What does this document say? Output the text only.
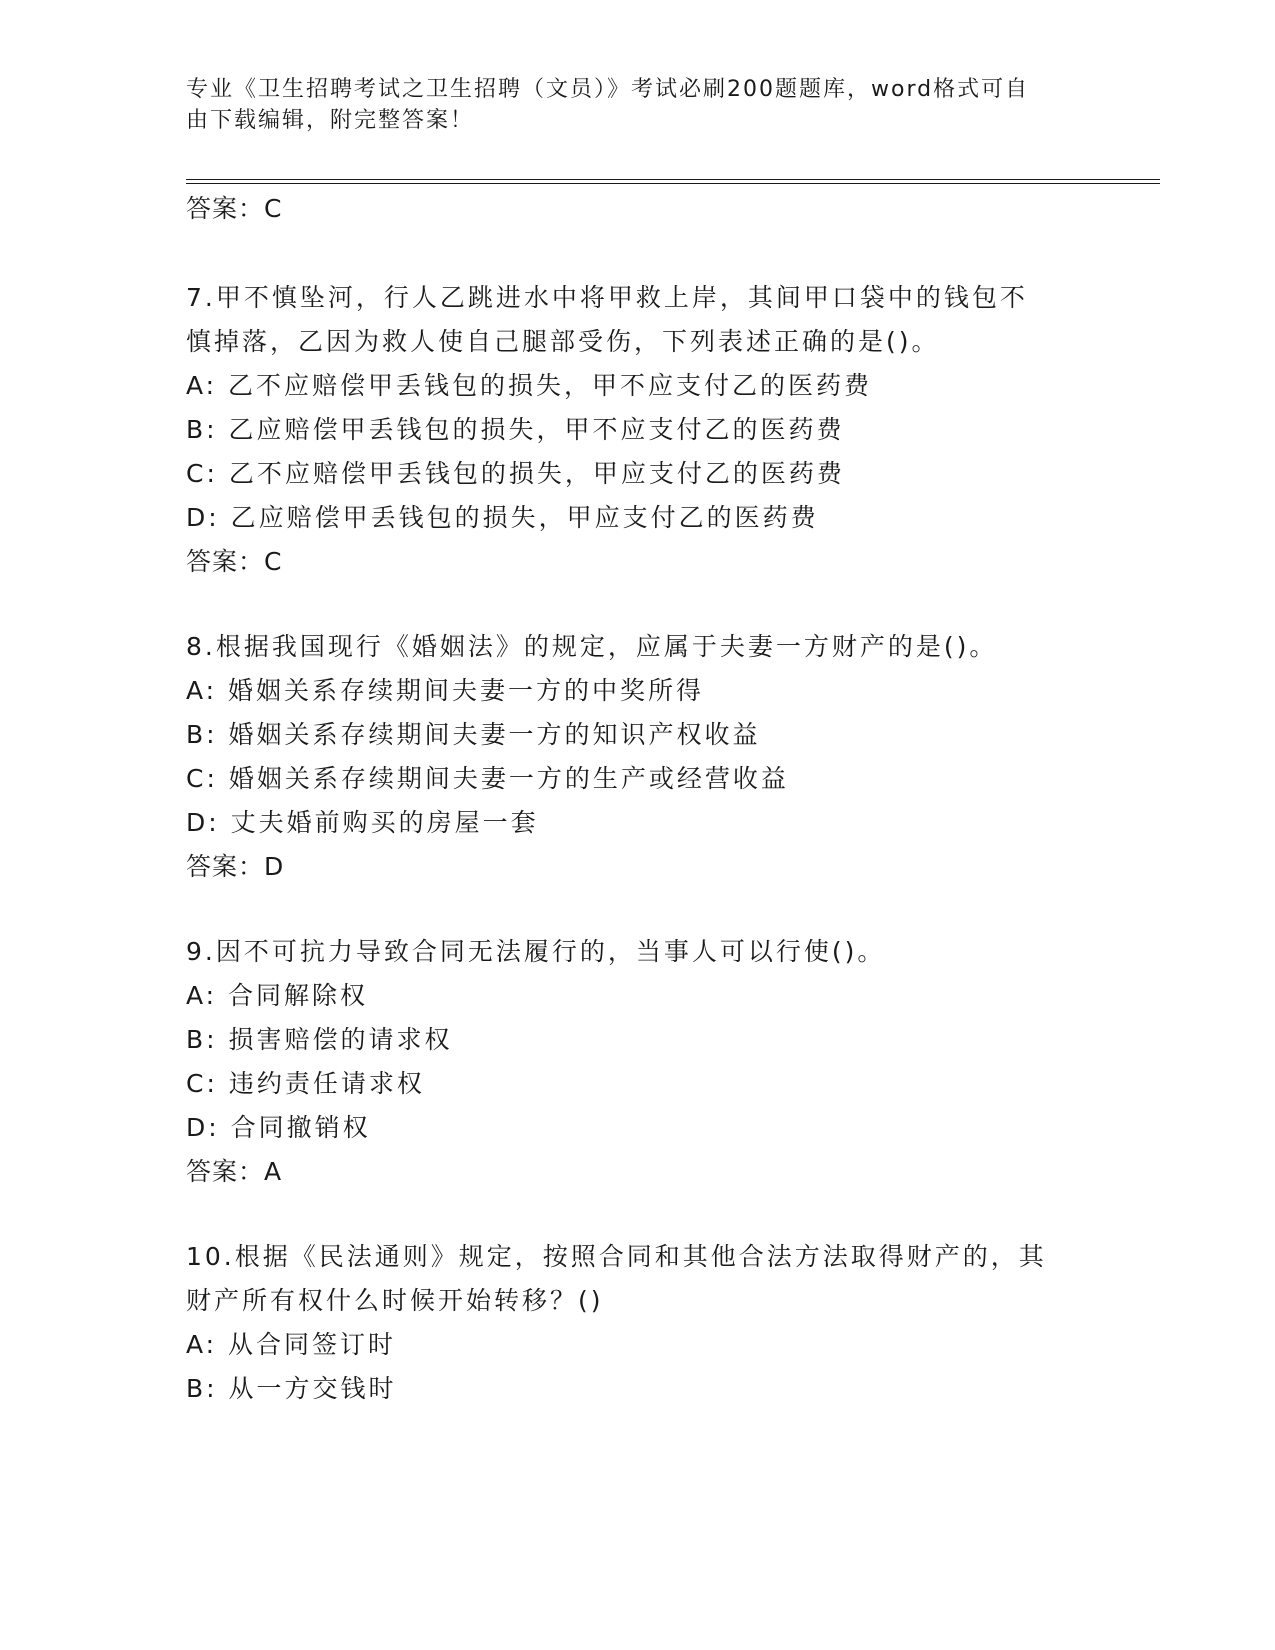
专业《卫生招聘考试之卫生招聘（文员）》考试必刷200题题库，word格式可自
由下载编辑，附完整答案！
答案：C
7.甲不慎坠河，行人乙跳进水中将甲救上岸，其间甲口袋中的钱包不
慎掉落，乙因为救人使自己腿部受伤，下列表述正确的是()。
A: 乙不应赔偿甲丢钱包的损失，甲不应支付乙的医药费
B: 乙应赔偿甲丢钱包的损失，甲不应支付乙的医药费
C: 乙不应赔偿甲丢钱包的损失，甲应支付乙的医药费
D: 乙应赔偿甲丢钱包的损失，甲应支付乙的医药费
答案：C
8.根据我国现行《婚姻法》的规定，应属于夫妻一方财产的是()。
A: 婚姻关系存续期间夫妻一方的中奖所得
B: 婚姻关系存续期间夫妻一方的知识产权收益
C: 婚姻关系存续期间夫妻一方的生产或经营收益
D: 丈夫婚前购买的房屋一套
答案：D
9.因不可抗力导致合同无法履行的，当事人可以行使()。
A: 合同解除权
B: 损害赔偿的请求权
C: 违约责任请求权
D: 合同撤销权
答案：A
10.根据《民法通则》规定，按照合同和其他合法方法取得财产的，其
财产所有权什么时候开始转移？()
A: 从合同签订时
B: 从一方交钱时
